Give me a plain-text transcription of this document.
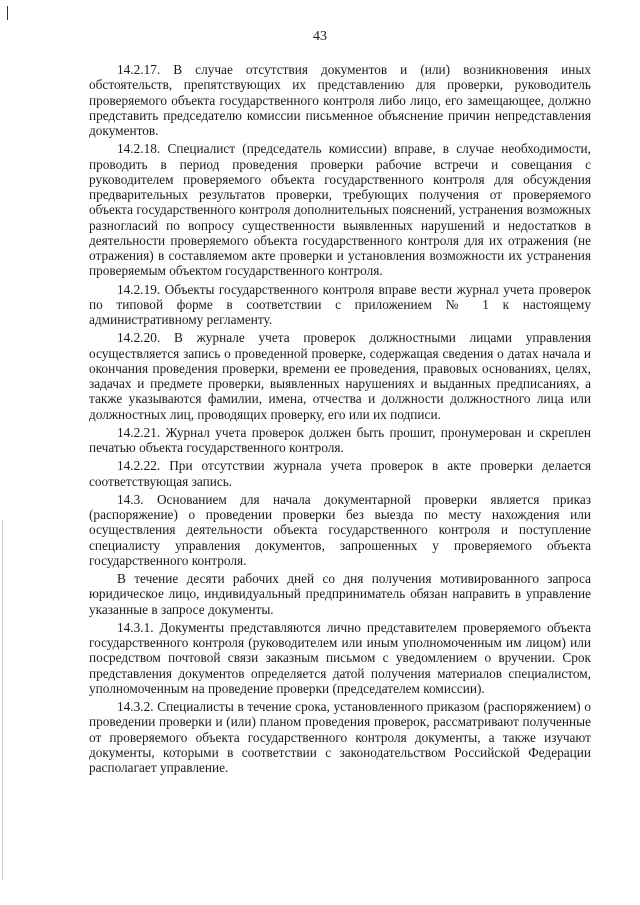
43

14.2.17. В случае отсутствия документов и (или) возникновения иных обстоятельств, препятствующих их представлению для проверки, руководитель проверяемого объекта государственного контроля либо лицо, его замещающее, должно представить председателю комиссии письменное объяснение причин непредставления документов.

14.2.18. Специалист (председатель комиссии) вправе, в случае необходимости, проводить в период проведения проверки рабочие встречи и совещания с руководителем проверяемого объекта государственного контроля для обсуждения предварительных результатов проверки, требующих получения от проверяемого объекта государственного контроля дополнительных пояснений, устранения возможных разногласий по вопросу существенности выявленных нарушений и недостатков в деятельности проверяемого объекта государственного контроля для их отражения (не отражения) в составляемом акте проверки и установления возможности их устранения проверяемым объектом государственного контроля.

14.2.19. Объекты государственного контроля вправе вести журнал учета проверок по типовой форме в соответствии с приложением № 1 к настоящему административному регламенту.

14.2.20. В журнале учета проверок должностными лицами управления осуществляется запись о проведенной проверке, содержащая сведения о датах начала и окончания проведения проверки, времени ее проведения, правовых основаниях, целях, задачах и предмете проверки, выявленных нарушениях и выданных предписаниях, а также указываются фамилии, имена, отчества и должности должностного лица или должностных лиц, проводящих проверку, его или их подписи.

14.2.21. Журнал учета проверок должен быть прошит, пронумерован и скреплен печатью объекта государственного контроля.

14.2.22. При отсутствии журнала учета проверок в акте проверки делается соответствующая запись.

14.3. Основанием для начала документарной проверки является приказ (распоряжение) о проведении проверки без выезда по месту нахождения или осуществления деятельности объекта государственного контроля и поступление специалисту управления документов, запрошенных у проверяемого объекта государственного контроля.

В течение десяти рабочих дней со дня получения мотивированного запроса юридическое лицо, индивидуальный предприниматель обязан направить в управление указанные в запросе документы.

14.3.1. Документы представляются лично представителем проверяемого объекта государственного контроля (руководителем или иным уполномоченным им лицом) или посредством почтовой связи заказным письмом с уведомлением о вручении. Срок представления документов определяется датой получения материалов специалистом, уполномоченным на проведение проверки (председателем комиссии).

14.3.2. Специалисты в течение срока, установленного приказом (распоряжением) о проведении проверки и (или) планом проведения проверок, рассматривают полученные от проверяемого объекта государственного контроля документы, а также изучают документы, которыми в соответствии с законодательством Российской Федерации располагает управление.
